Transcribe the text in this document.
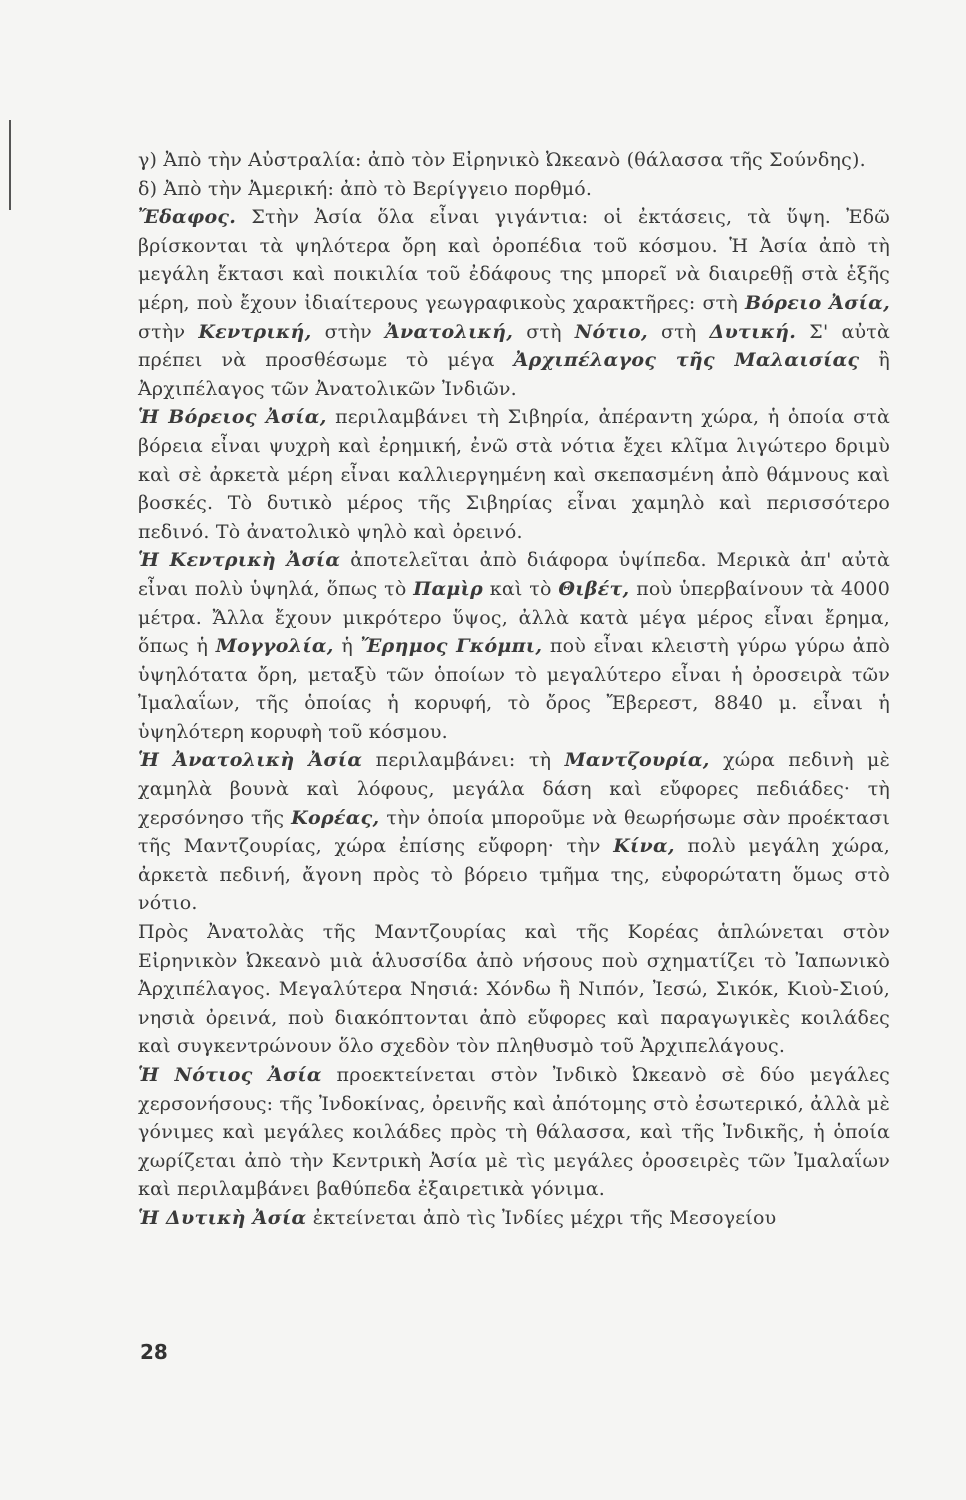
γ) Ἀπὸ τὴν Αὐστραλία: ἀπὸ τὸν Εἰρηνικὸ Ὠκεανὸ (θάλασσα τῆς Σούνδης).

δ) Ἀπὸ τὴν Ἀμερική: ἀπὸ τὸ Βερίγγειο πορθμό.

Ἔδαφος. Στὴν Ἀσία ὅλα εἶναι γιγάντια: οἱ ἐκτάσεις, τὰ ὕψη. Ἐδῶ βρίσκονται τὰ ψηλότερα ὄρη καὶ ὀροπέδια τοῦ κόσμου. Ἡ Ἀσία ἀπὸ τὴ μεγάλη ἔκτασι καὶ ποικιλία τοῦ ἐδάφους της μπορεῖ νὰ διαιρεθῇ στὰ ἑξῆς μέρη, ποὺ ἔχουν ἰδιαίτερους γεωγραφικοὺς χαρακτῆρες: στὴ Βόρειο Ἀσία, στὴν Κεντρική, στὴν Ἀνατολική, στὴ Νότιο, στὴ Δυτική. Σ' αὐτὰ πρέπει νὰ προσθέσωμε τὸ μέγα Ἀρχιπέλαγος τῆς Μαλαισίας ἢ Ἀρχιπέλαγος τῶν Ἀνατολικῶν Ἰνδιῶν.

Ἡ Βόρειος Ἀσία, περιλαμβάνει τὴ Σιβηρία, ἀπέραντη χώρα, ἡ ὁποία στὰ βόρεια εἶναι ψυχρὴ καὶ ἐρημική, ἐνῶ στὰ νότια ἔχει κλῖμα λιγώτερο δριμὺ καὶ σὲ ἀρκετὰ μέρη εἶναι καλλιεργημένη καὶ σκεπασμένη ἀπὸ θάμνους καὶ βοσκές. Τὸ δυτικὸ μέρος τῆς Σιβηρίας εἶναι χαμηλὸ καὶ περισσότερο πεδινό. Τὸ ἀνατολικὸ ψηλὸ καὶ ὀρεινό.

Ἡ Κεντρικὴ Ἀσία ἀποτελεῖται ἀπὸ διάφορα ὑψίπεδα. Μερικὰ ἀπ' αὐτὰ εἶναι πολὺ ὑψηλά, ὅπως τὸ Παμὶρ καὶ τὸ Θιβέτ, ποὺ ὑπερβαίνουν τὰ 4000 μέτρα. Ἄλλα ἔχουν μικρότερο ὕψος, ἀλλὰ κατὰ μέγα μέρος εἶναι ἔρημα, ὅπως ἡ Μογγολία, ἡ Ἔρημος Γκόμπι, ποὺ εἶναι κλειστὴ γύρω γύρω ἀπὸ ὑψηλότατα ὄρη, μεταξὺ τῶν ὁποίων τὸ μεγαλύτερο εἶναι ἡ ὀροσειρὰ τῶν Ἰμαλαΐων, τῆς ὁποίας ἡ κορυφή, τὸ ὄρος Ἔβερεστ, 8840 μ. εἶναι ἡ ὑψηλότερη κορυφὴ τοῦ κόσμου.

Ἡ Ἀνατολικὴ Ἀσία περιλαμβάνει: τὴ Μαντζουρία, χώρα πεδινὴ μὲ χαμηλὰ βουνὰ καὶ λόφους, μεγάλα δάση καὶ εὔφορες πεδιάδες· τὴ χερσόνησο τῆς Κορέας, τὴν ὁποία μποροῦμε νὰ θεωρήσωμε σὰν προέκτασι τῆς Μαντζουρίας, χώρα ἐπίσης εὔφορη· τὴν Κίνα, πολὺ μεγάλη χώρα, ἀρκετὰ πεδινή, ἄγονη πρὸς τὸ βόρειο τμῆμα της, εὐφορώτατη ὅμως στὸ νότιο.

Πρὸς Ἀνατολὰς τῆς Μαντζουρίας καὶ τῆς Κορέας ἁπλώνεται στὸν Εἰρηνικὸν Ὠκεανὸ μιὰ ἁλυσσίδα ἀπὸ νήσους ποὺ σχηματίζει τὸ Ἰαπωνικὸ Ἀρχιπέλαγος. Μεγαλύτερα Νησιά: Χόνδω ἢ Νιπόν, Ἰεσώ, Σικόκ, Κιοὺ-Σιού, νησιὰ ὀρεινά, ποὺ διακόπτονται ἀπὸ εὔφορες καὶ παραγωγικὲς κοιλάδες καὶ συγκεντρώνουν ὅλο σχεδὸν τὸν πληθυσμὸ τοῦ Ἀρχιπελάγους.

Ἡ Νότιος Ἀσία προεκτείνεται στὸν Ἰνδικὸ Ὠκεανὸ σὲ δύο μεγάλες χερσονήσους: τῆς Ἰνδοκίνας, ὀρεινῆς καὶ ἀπότομης στὸ ἐσωτερικό, ἀλλὰ μὲ γόνιμες καὶ μεγάλες κοιλάδες πρὸς τὴ θάλασσα, καὶ τῆς Ἰνδικῆς, ἡ ὁποία χωρίζεται ἀπὸ τὴν Κεντρικὴ Ἀσία μὲ τὶς μεγάλες ὀροσειρὲς τῶν Ἰμαλαΐων καὶ περιλαμβάνει βαθύπεδα ἐξαιρετικὰ γόνιμα.

Ἡ Δυτικὴ Ἀσία ἐκτείνεται ἀπὸ τὶς Ἰνδίες μέχρι τῆς Μεσογείου

28
